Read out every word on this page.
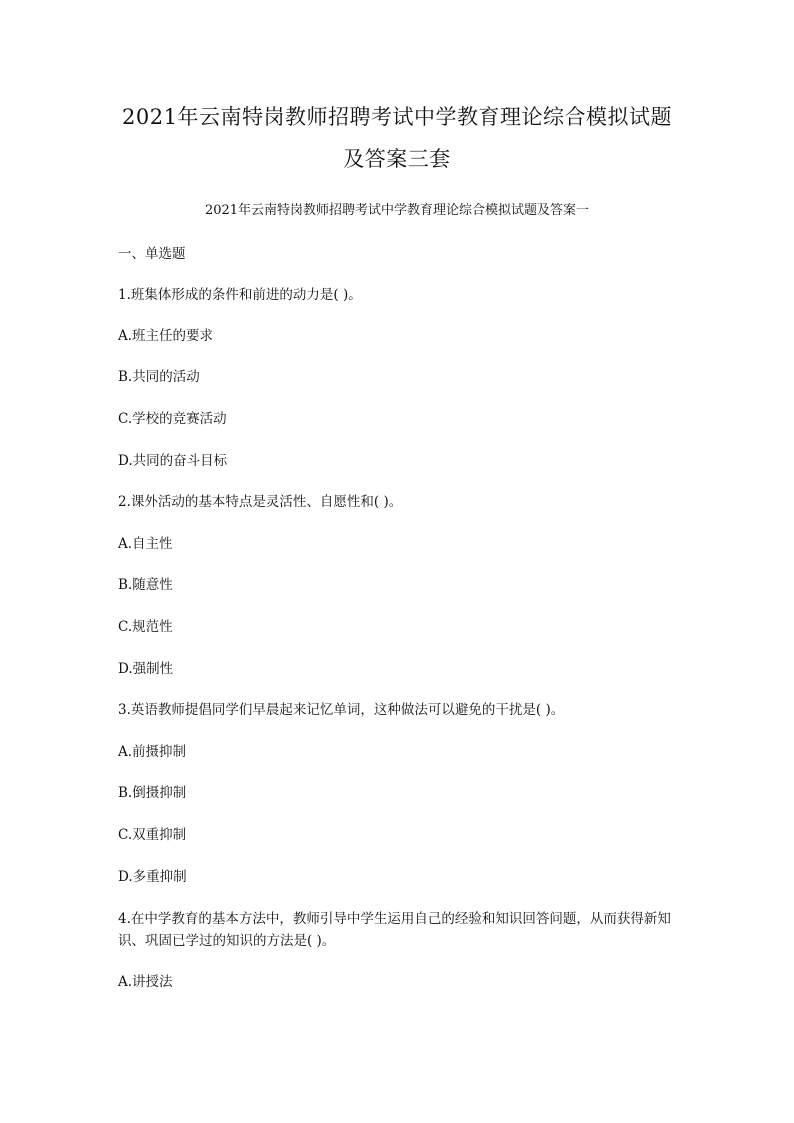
2021年云南特岗教师招聘考试中学教育理论综合模拟试题
及答案三套
2021年云南特岗教师招聘考试中学教育理论综合模拟试题及答案一
一、单选题
1.班集体形成的条件和前进的动力是( )。
A.班主任的要求
B.共同的活动
C.学校的竞赛活动
D.共同的奋斗目标
2.课外活动的基本特点是灵活性、自愿性和( )。
A.自主性
B.随意性
C.规范性
D.强制性
3.英语教师提倡同学们早晨起来记忆单词，这种做法可以避免的干扰是( )。
A.前摄抑制
B.倒摄抑制
C.双重抑制
D.多重抑制
4.在中学教育的基本方法中，教师引导中学生运用自己的经验和知识回答问题，从而获得新知识、巩固已学过的知识的方法是( )。
A.讲授法
